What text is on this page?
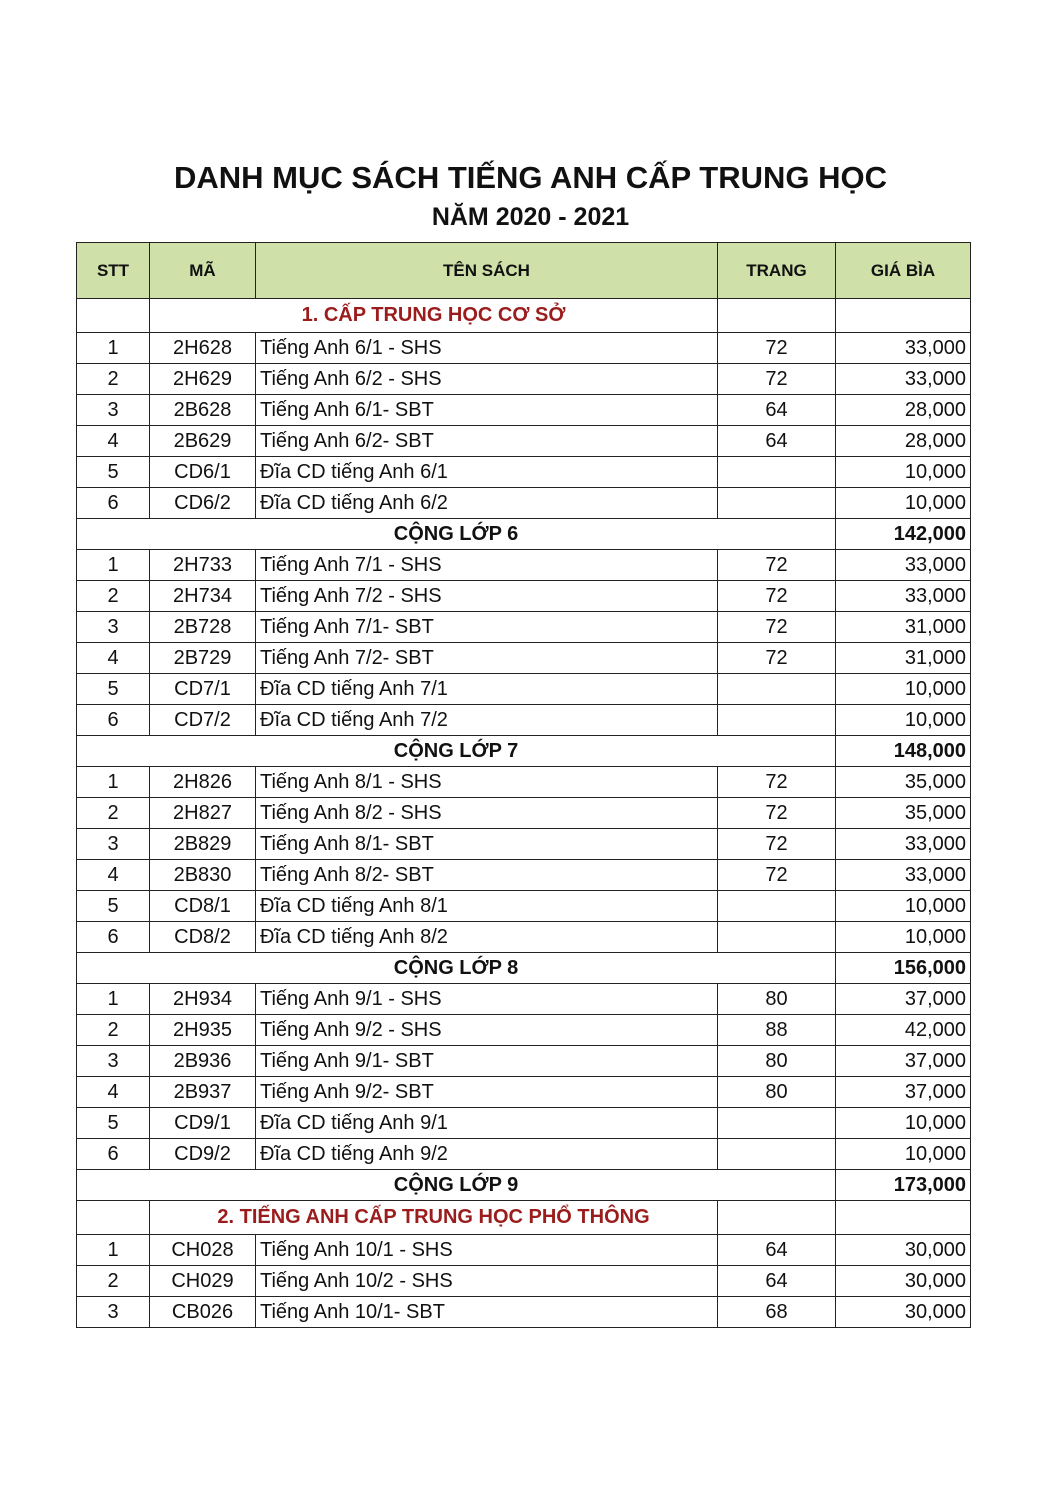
DANH MỤC SÁCH TIẾNG ANH CẤP TRUNG HỌC
NĂM 2020 - 2021
STT	MÃ	TÊN SÁCH	TRANG	GIÁ BÌA
	1. CẤP TRUNG HỌC CƠ SỞ			
1	2H628	Tiếng Anh 6/1 - SHS	72	33,000
2	2H629	Tiếng Anh 6/2 - SHS	72	33,000
3	2B628	Tiếng Anh 6/1- SBT	64	28,000
4	2B629	Tiếng Anh 6/2- SBT	64	28,000
5	CD6/1	Đĩa CD tiếng Anh 6/1		10,000
6	CD6/2	Đĩa CD tiếng Anh 6/2		10,000
CỘNG LỚP 6				142,000
1	2H733	Tiếng Anh 7/1 - SHS	72	33,000
2	2H734	Tiếng Anh 7/2 - SHS	72	33,000
3	2B728	Tiếng Anh 7/1- SBT	72	31,000
4	2B729	Tiếng Anh 7/2- SBT	72	31,000
5	CD7/1	Đĩa CD tiếng Anh 7/1		10,000
6	CD7/2	Đĩa CD tiếng Anh 7/2		10,000
CỘNG LỚP 7				148,000
1	2H826	Tiếng Anh 8/1 - SHS	72	35,000
2	2H827	Tiếng Anh 8/2 - SHS	72	35,000
3	2B829	Tiếng Anh 8/1- SBT	72	33,000
4	2B830	Tiếng Anh 8/2- SBT	72	33,000
5	CD8/1	Đĩa CD tiếng Anh 8/1		10,000
6	CD8/2	Đĩa CD tiếng Anh 8/2		10,000
CỘNG LỚP 8				156,000
1	2H934	Tiếng Anh 9/1 - SHS	80	37,000
2	2H935	Tiếng Anh 9/2 - SHS	88	42,000
3	2B936	Tiếng Anh 9/1- SBT	80	37,000
4	2B937	Tiếng Anh 9/2- SBT	80	37,000
5	CD9/1	Đĩa CD tiếng Anh 9/1		10,000
6	CD9/2	Đĩa CD tiếng Anh 9/2		10,000
CỘNG LỚP 9				173,000
	2. TIẾNG ANH CẤP TRUNG HỌC PHỔ THÔNG			
1	CH028	Tiếng Anh 10/1 - SHS	64	30,000
2	CH029	Tiếng Anh 10/2 - SHS	64	30,000
3	CB026	Tiếng Anh 10/1- SBT	68	30,000
